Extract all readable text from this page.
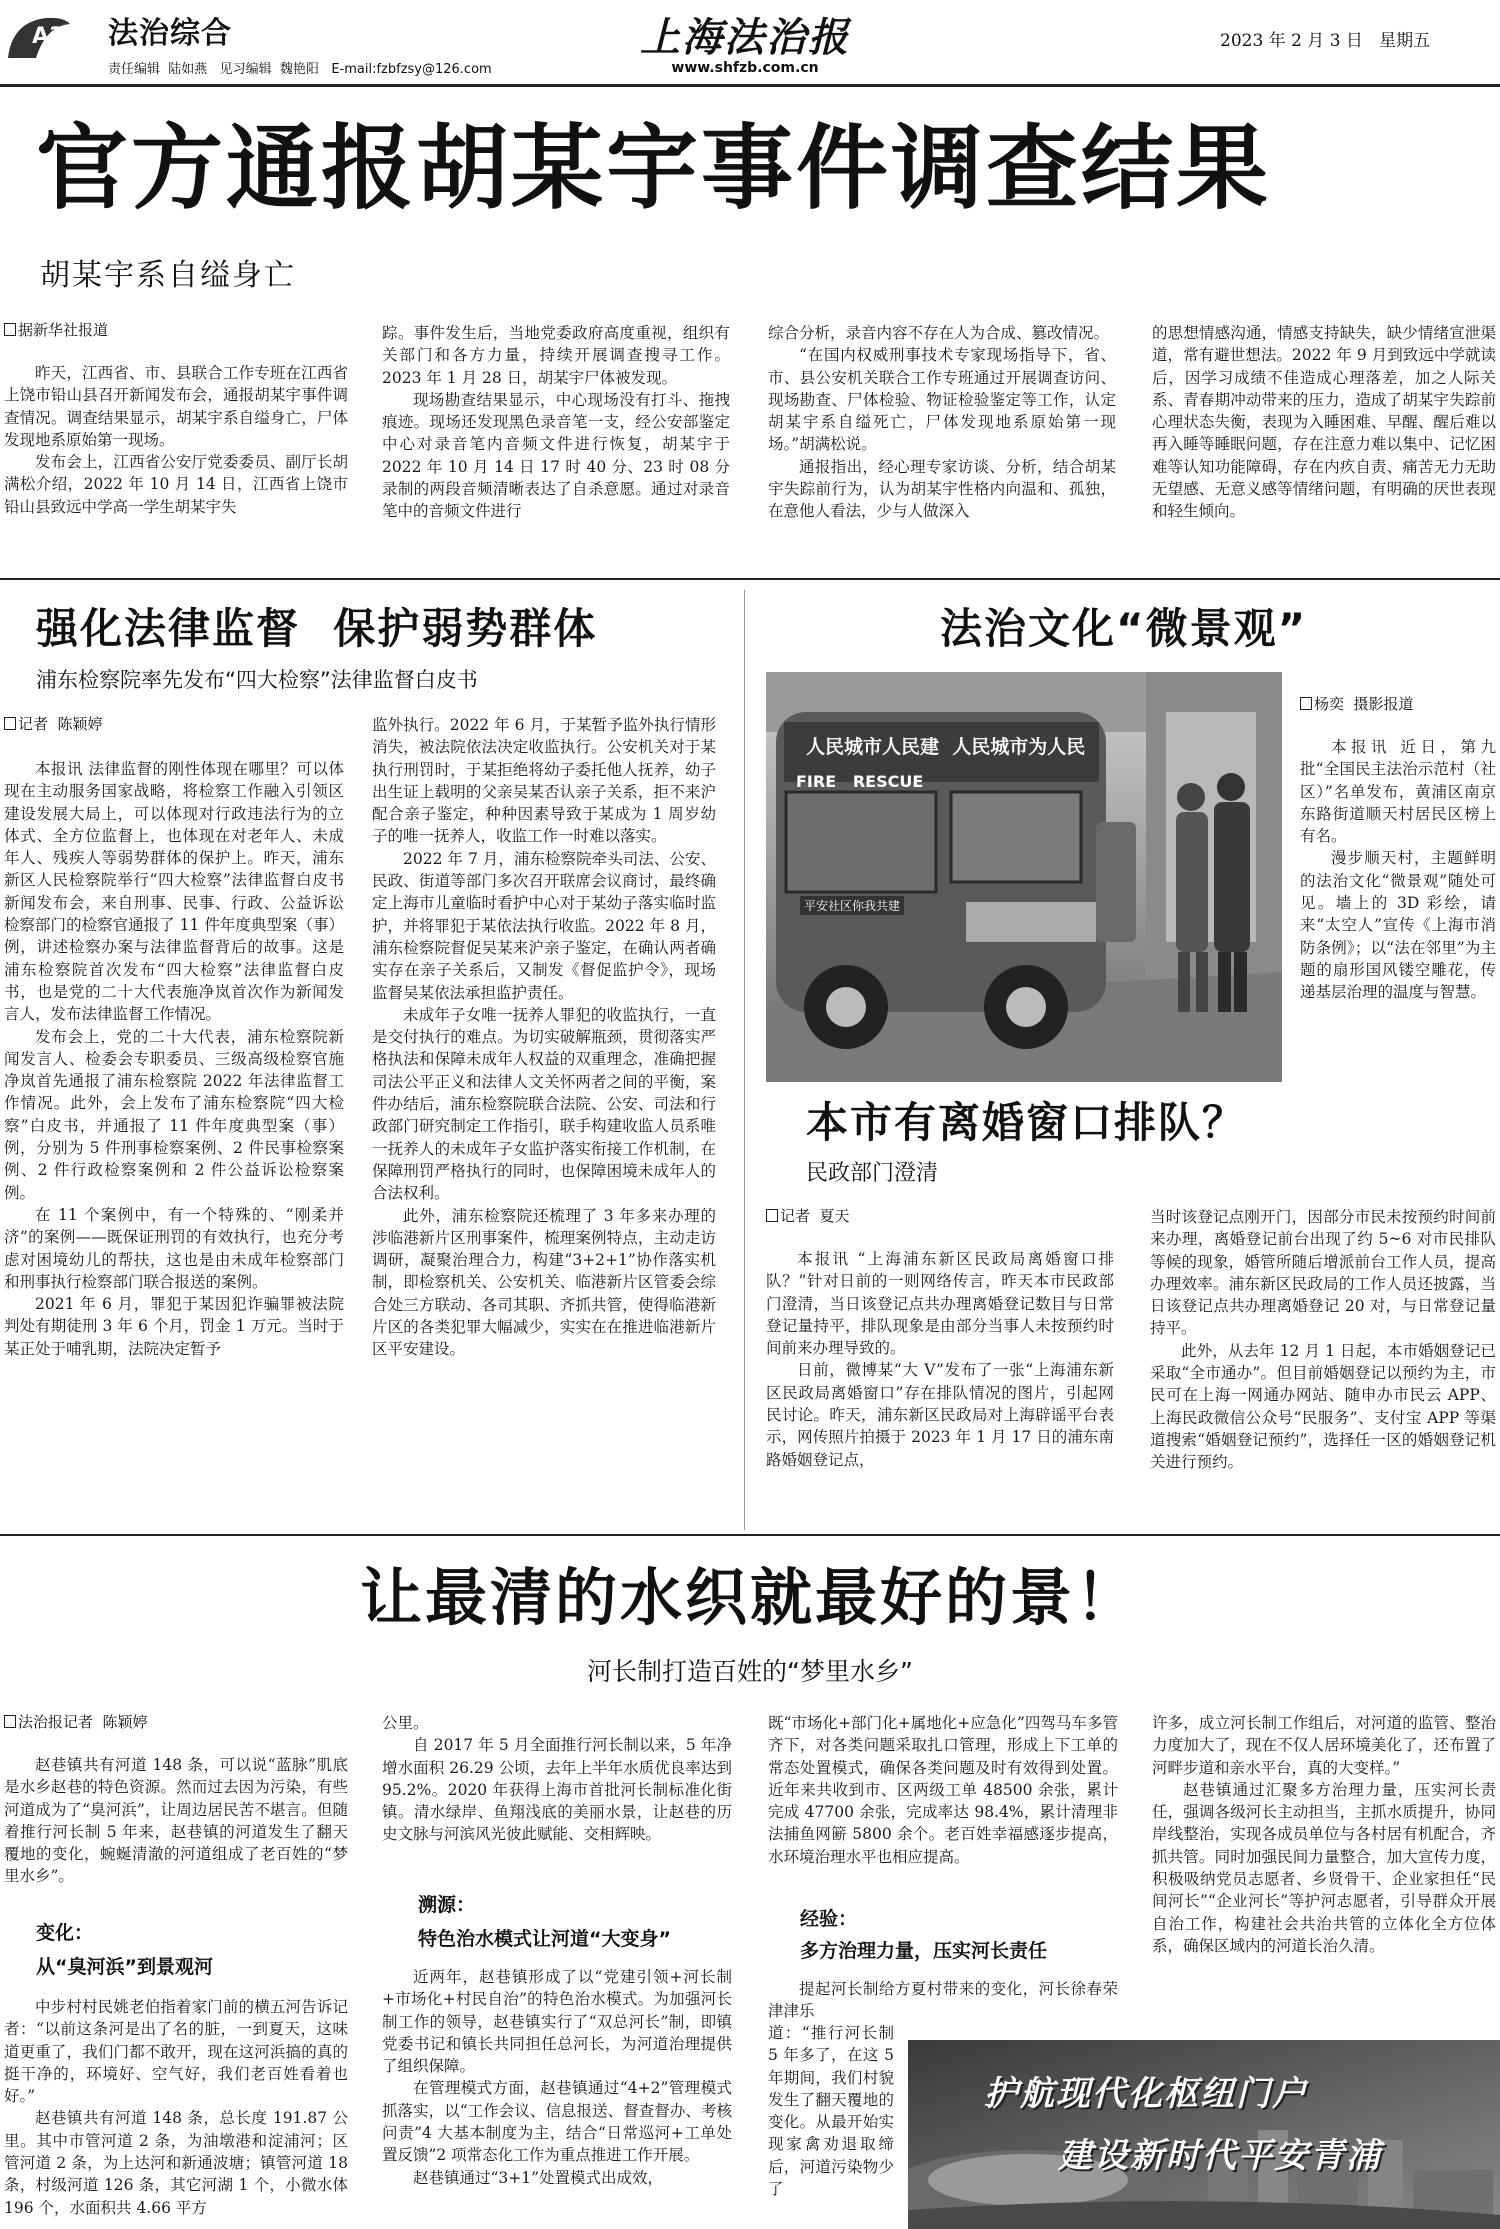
A3 法治综合
责任编辑  陆如燕   见习编辑  魏艳阳   E-mail:fzbfzsy@126.com
上海法治报
www.shfzb.com.cn
2023 年 2 月 3 日   星期五
官方通报胡某宇事件调查结果
胡某宇系自缢身亡
据新华社报道

昨天，江西省、市、县联合工作专班在江西省上饶市铅山县召开新闻发布会，通报胡某宇事件调查情况。调查结果显示，胡某宇系自缢身亡，尸体发现地系原始第一现场。

发布会上，江西省公安厅党委委员、副厅长胡满松介绍，2022 年 10 月 14 日，江西省上饶市铅山县致远中学高一学生胡某宇失

踪。事件发生后，当地党委政府高度重视，组织有关部门和各方力量，持续开展调查搜寻工作。2023 年 1 月 28 日，胡某宇尸体被发现。

现场勘查结果显示，中心现场没有打斗、拖拽痕迹。现场还发现黑色录音笔一支，经公安部鉴定中心对录音笔内音频文件进行恢复，胡某宇于 2022 年 10 月 14 日 17 时 40 分、23 时 08 分录制的两段音频清晰表达了自杀意愿。通过对录音笔中的音频文件进行

综合分析，录音内容不存在人为合成、篡改情况。

“在国内权威刑事技术专家现场指导下，省、市、县公安机关联合工作专班通过开展调查访问、现场勘查、尸体检验、物证检验鉴定等工作，认定胡某宇系自缢死亡，尸体发现地系原始第一现场。”胡满松说。

通报指出，经心理专家访谈、分析，结合胡某宇失踪前行为，认为胡某宇性格内向温和、孤独，在意他人看法，少与人做深入

的思想情感沟通，情感支持缺失，缺少情绪宣泄渠道，常有避世想法。2022 年 9 月到致远中学就读后，因学习成绩不佳造成心理落差，加之人际关系、青春期冲动带来的压力，造成了胡某宇失踪前心理状态失衡，表现为入睡困难、早醒、醒后难以再入睡等睡眠问题，存在注意力难以集中、记忆困难等认知功能障碍，存在内疚自责、痛苦无力无助无望感、无意义感等情绪问题，有明确的厌世表现和轻生倾向。

强化法律监督  保护弱势群体
浦东检察院率先发布“四大检察”法律监督白皮书
记者  陈颖婷

本报讯 法律监督的刚性体现在哪里？可以体现在主动服务国家战略，将检察工作融入引领区建设发展大局上，可以体现对行政违法行为的立体式、全方位监督上，也体现在对老年人、未成年人、残疾人等弱势群体的保护上。昨天，浦东新区人民检察院举行“四大检察”法律监督白皮书新闻发布会，来自刑事、民事、行政、公益诉讼检察部门的检察官通报了 11 件年度典型案（事）例，讲述检察办案与法律监督背后的故事。这是浦东检察院首次发布“四大检察”法律监督白皮书，也是党的二十大代表施净岚首次作为新闻发言人，发布法律监督工作情况。

发布会上，党的二十大代表，浦东检察院新闻发言人、检委会专职委员、三级高级检察官施净岚首先通报了浦东检察院 2022 年法律监督工作情况。此外，会上发布了浦东检察院“四大检察”白皮书，并通报了 11 件年度典型案（事）例，分别为 5 件刑事检察案例、2 件民事检察案例、2 件行政检察案例和 2 件公益诉讼检察案例。

在 11 个案例中，有一个特殊的、“刚柔并济”的案例——既保证刑罚的有效执行，也充分考虑对困境幼儿的帮扶，这也是由未成年检察部门和刑事执行检察部门联合报送的案例。

2021 年 6 月，罪犯于某因犯诈骗罪被法院判处有期徒刑 3 年 6 个月，罚金 1 万元。当时于某正处于哺乳期，法院决定暂予

监外执行。2022 年 6 月，于某暂予监外执行情形消失，被法院依法决定收监执行。公安机关对于某执行刑罚时，于某拒绝将幼子委托他人抚养，幼子出生证上载明的父亲吴某否认亲子关系，拒不来沪配合亲子鉴定，种种因素导致于某成为 1 周岁幼子的唯一抚养人，收监工作一时难以落实。

2022 年 7 月，浦东检察院牵头司法、公安、民政、街道等部门多次召开联席会议商讨，最终确定上海市儿童临时看护中心对于某幼子落实临时监护，并将罪犯于某依法执行收监。2022 年 8 月，浦东检察院督促吴某来沪亲子鉴定，在确认两者确实存在亲子关系后，又制发《督促监护令》，现场监督吴某依法承担监护责任。

未成年子女唯一抚养人罪犯的收监执行，一直是交付执行的难点。为切实破解瓶颈，贯彻落实严格执法和保障未成年人权益的双重理念，准确把握司法公平正义和法律人文关怀两者之间的平衡，案件办结后，浦东检察院联合法院、公安、司法和行政部门研究制定工作指引，联手构建收监人员系唯一抚养人的未成年子女监护落实衔接工作机制，在保障刑罚严格执行的同时，也保障困境未成年人的合法权利。

此外，浦东检察院还梳理了 3 年多来办理的涉临港新片区刑事案件，梳理案例特点，主动走访调研，凝聚治理合力，构建“3+2+1”协作落实机制，即检察机关、公安机关、临港新片区管委会综合处三方联动、各司其职、齐抓共管，使得临港新片区的各类犯罪大幅减少，实实在在推进临港新片区平安建设。

法治文化“微景观”
人民城市人民建  人民城市为人民
FIRE   RESCUE
平安社区你我共建
杨奕  摄影报道

本报讯 近日，第九批“全国民主法治示范村（社区）”名单发布，黄浦区南京东路街道顺天村居民区榜上有名。

漫步顺天村，主题鲜明的法治文化“微景观”随处可见。墙上的 3D 彩绘，请来“太空人”宣传《上海市消防条例》；以“法在邻里”为主题的扇形国风镂空雕花，传递基层治理的温度与智慧。

本市有离婚窗口排队？
民政部门澄清
记者  夏天

本报讯 “上海浦东新区民政局离婚窗口排队？”针对日前的一则网络传言，昨天本市民政部门澄清，当日该登记点共办理离婚登记数目与日常登记量持平，排队现象是由部分当事人未按预约时间前来办理导致的。

日前，微博某“大 V”发布了一张“上海浦东新区民政局离婚窗口”存在排队情况的图片，引起网民讨论。昨天，浦东新区民政局对上海辟谣平台表示，网传照片拍摄于 2023 年 1 月 17 日的浦东南路婚姻登记点，

当时该登记点刚开门，因部分市民未按预约时间前来办理，离婚登记前台出现了约 5~6 对市民排队等候的现象，婚管所随后增派前台工作人员，提高办理效率。浦东新区民政局的工作人员还披露，当日该登记点共办理离婚登记 20 对，与日常登记量持平。

此外，从去年 12 月 1 日起，本市婚姻登记已采取“全市通办”。但目前婚姻登记以预约为主，市民可在上海一网通办网站、随申办市民云 APP、上海民政微信公众号“民服务”、支付宝 APP 等渠道搜索“婚姻登记预约”，选择任一区的婚姻登记机关进行预约。

让最清的水织就最好的景！
河长制打造百姓的“梦里水乡”
法治报记者  陈颖婷

赵巷镇共有河道 148 条，可以说“蓝脉”肌底是水乡赵巷的特色资源。然而过去因为污染，有些河道成为了“臭河浜”，让周边居民苦不堪言。但随着推行河长制 5 年来，赵巷镇的河道发生了翻天覆地的变化，蜿蜒清澈的河道组成了老百姓的“梦里水乡”。

变化：
从“臭河浜”到景观河

中步村村民姚老伯指着家门前的横五河告诉记者：“以前这条河是出了名的脏，一到夏天，这味道更重了，我们门都不敢开，现在这河浜搞的真的挺干净的，环境好、空气好，我们老百姓看着也好。”

赵巷镇共有河道 148 条，总长度 191.87 公里。其中市管河道 2 条，为油墩港和淀浦河；区管河道 2 条，为上达河和新通波塘；镇管河道 18 条，村级河道 126 条，其它河湖 1 个，小微水体 196 个，水面积共 4.66 平方

公里。

自 2017 年 5 月全面推行河长制以来，5 年净增水面积 26.29 公顷，去年上半年水质优良率达到 95.2%。2020 年获得上海市首批河长制标准化街镇。清水绿岸、鱼翔浅底的美丽水景，让赵巷的历史文脉与河滨风光彼此赋能、交相辉映。

溯源：
特色治水模式让河道“大变身”

近两年，赵巷镇形成了以“党建引领+河长制+市场化+村民自治”的特色治水模式。为加强河长制工作的领导，赵巷镇实行了“双总河长”制，即镇党委书记和镇长共同担任总河长，为河道治理提供了组织保障。

在管理模式方面，赵巷镇通过“4+2”管理模式抓落实，以“工作会议、信息报送、督查督办、考核问责”4 大基本制度为主，结合“日常巡河+工单处置反馈”2 项常态化工作为重点推进工作开展。

赵巷镇通过“3+1”处置模式出成效，

既“市场化+部门化+属地化+应急化”四驾马车多管齐下，对各类问题采取扎口管理，形成上下工单的常态处置模式，确保各类问题及时有效得到处置。近年来共收到市、区两级工单 48500 余张，累计完成 47700 余张，完成率达 98.4%，累计清理非法捕鱼网簖 5800 余个。老百姓幸福感逐步提高，水环境治理水平也相应提高。

经验：
多方治理力量，压实河长责任

提起河长制给方夏村带来的变化，河长徐春荣津津乐

道：“推行河长制 5 年多了，在这 5 年期间，我们村貌发生了翻天覆地的变化。从最开始实现家禽劝退取缔后，河道污染物少了

许多，成立河长制工作组后，对河道的监管、整治力度加大了，现在不仅人居环境美化了，还布置了河畔步道和亲水平台，真的大变样。”

赵巷镇通过汇聚多方治理力量，压实河长责任，强调各级河长主动担当，主抓水质提升，协同岸线整治，实现各成员单位与各村居有机配合，齐抓共管。同时加强民间力量整合，加大宣传力度，积极吸纳党员志愿者、乡贤骨干、企业家担任“民间河长”“企业河长”等护河志愿者，引导群众开展自治工作，构建社会共治共管的立体化全方位体系，确保区域内的河道长治久清。

护航现代化枢纽门户
建设新时代平安青浦
